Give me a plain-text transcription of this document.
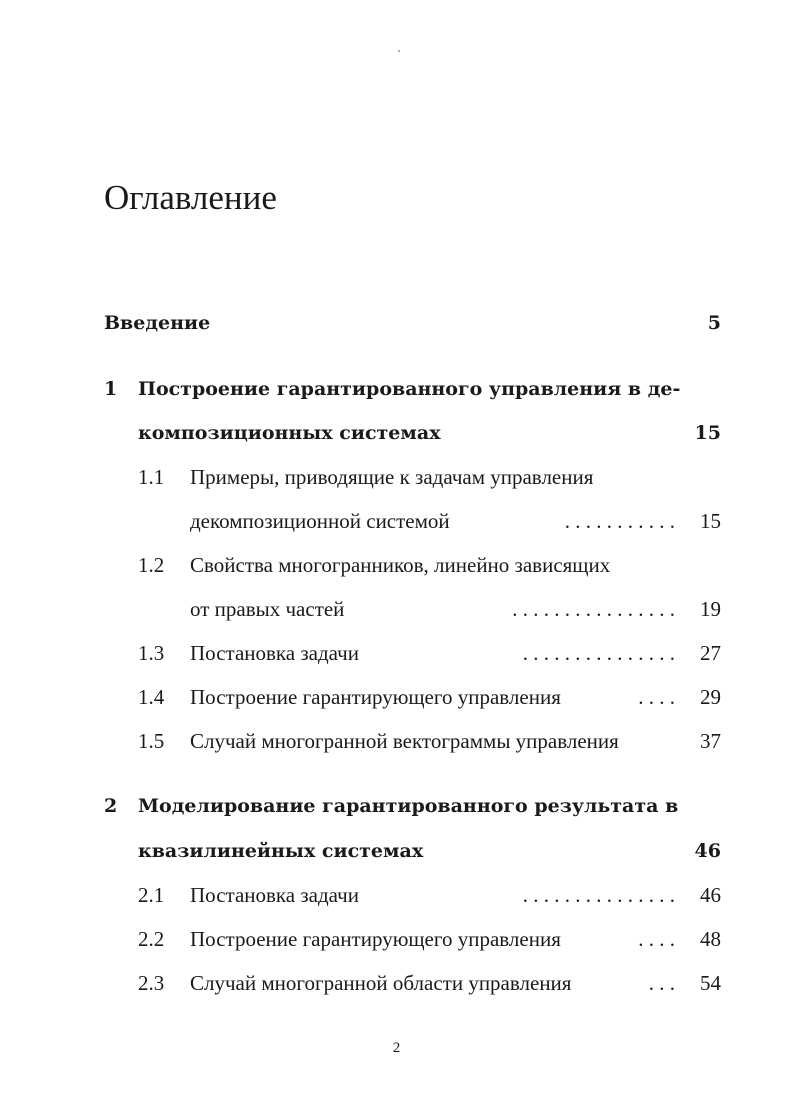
Оглавление
Введение	5
1 Построение гарантированного управления в де-
композиционных системах	15
1.1 Примеры, приводящие к задачам управления
декомпозиционной системой	. . . . . . . . . . . 15
1.2 Свойства многогранников, линейно зависящих
от правых частей	. . . . . . . . . . . . . . . . 19
1.3 Постановка задачи	. . . . . . . . . . . . . . . 27
1.4 Построение гарантирующего управления	. . . . 29
1.5 Случай многогранной вектограммы управления	37
2 Моделирование гарантированного результата в
квазилинейных системах	46
2.1 Постановка задачи	. . . . . . . . . . . . . . . 46
2.2 Построение гарантирующего управления	. . . . 48
2.3 Случай многогранной области управления	. . . 54
2
